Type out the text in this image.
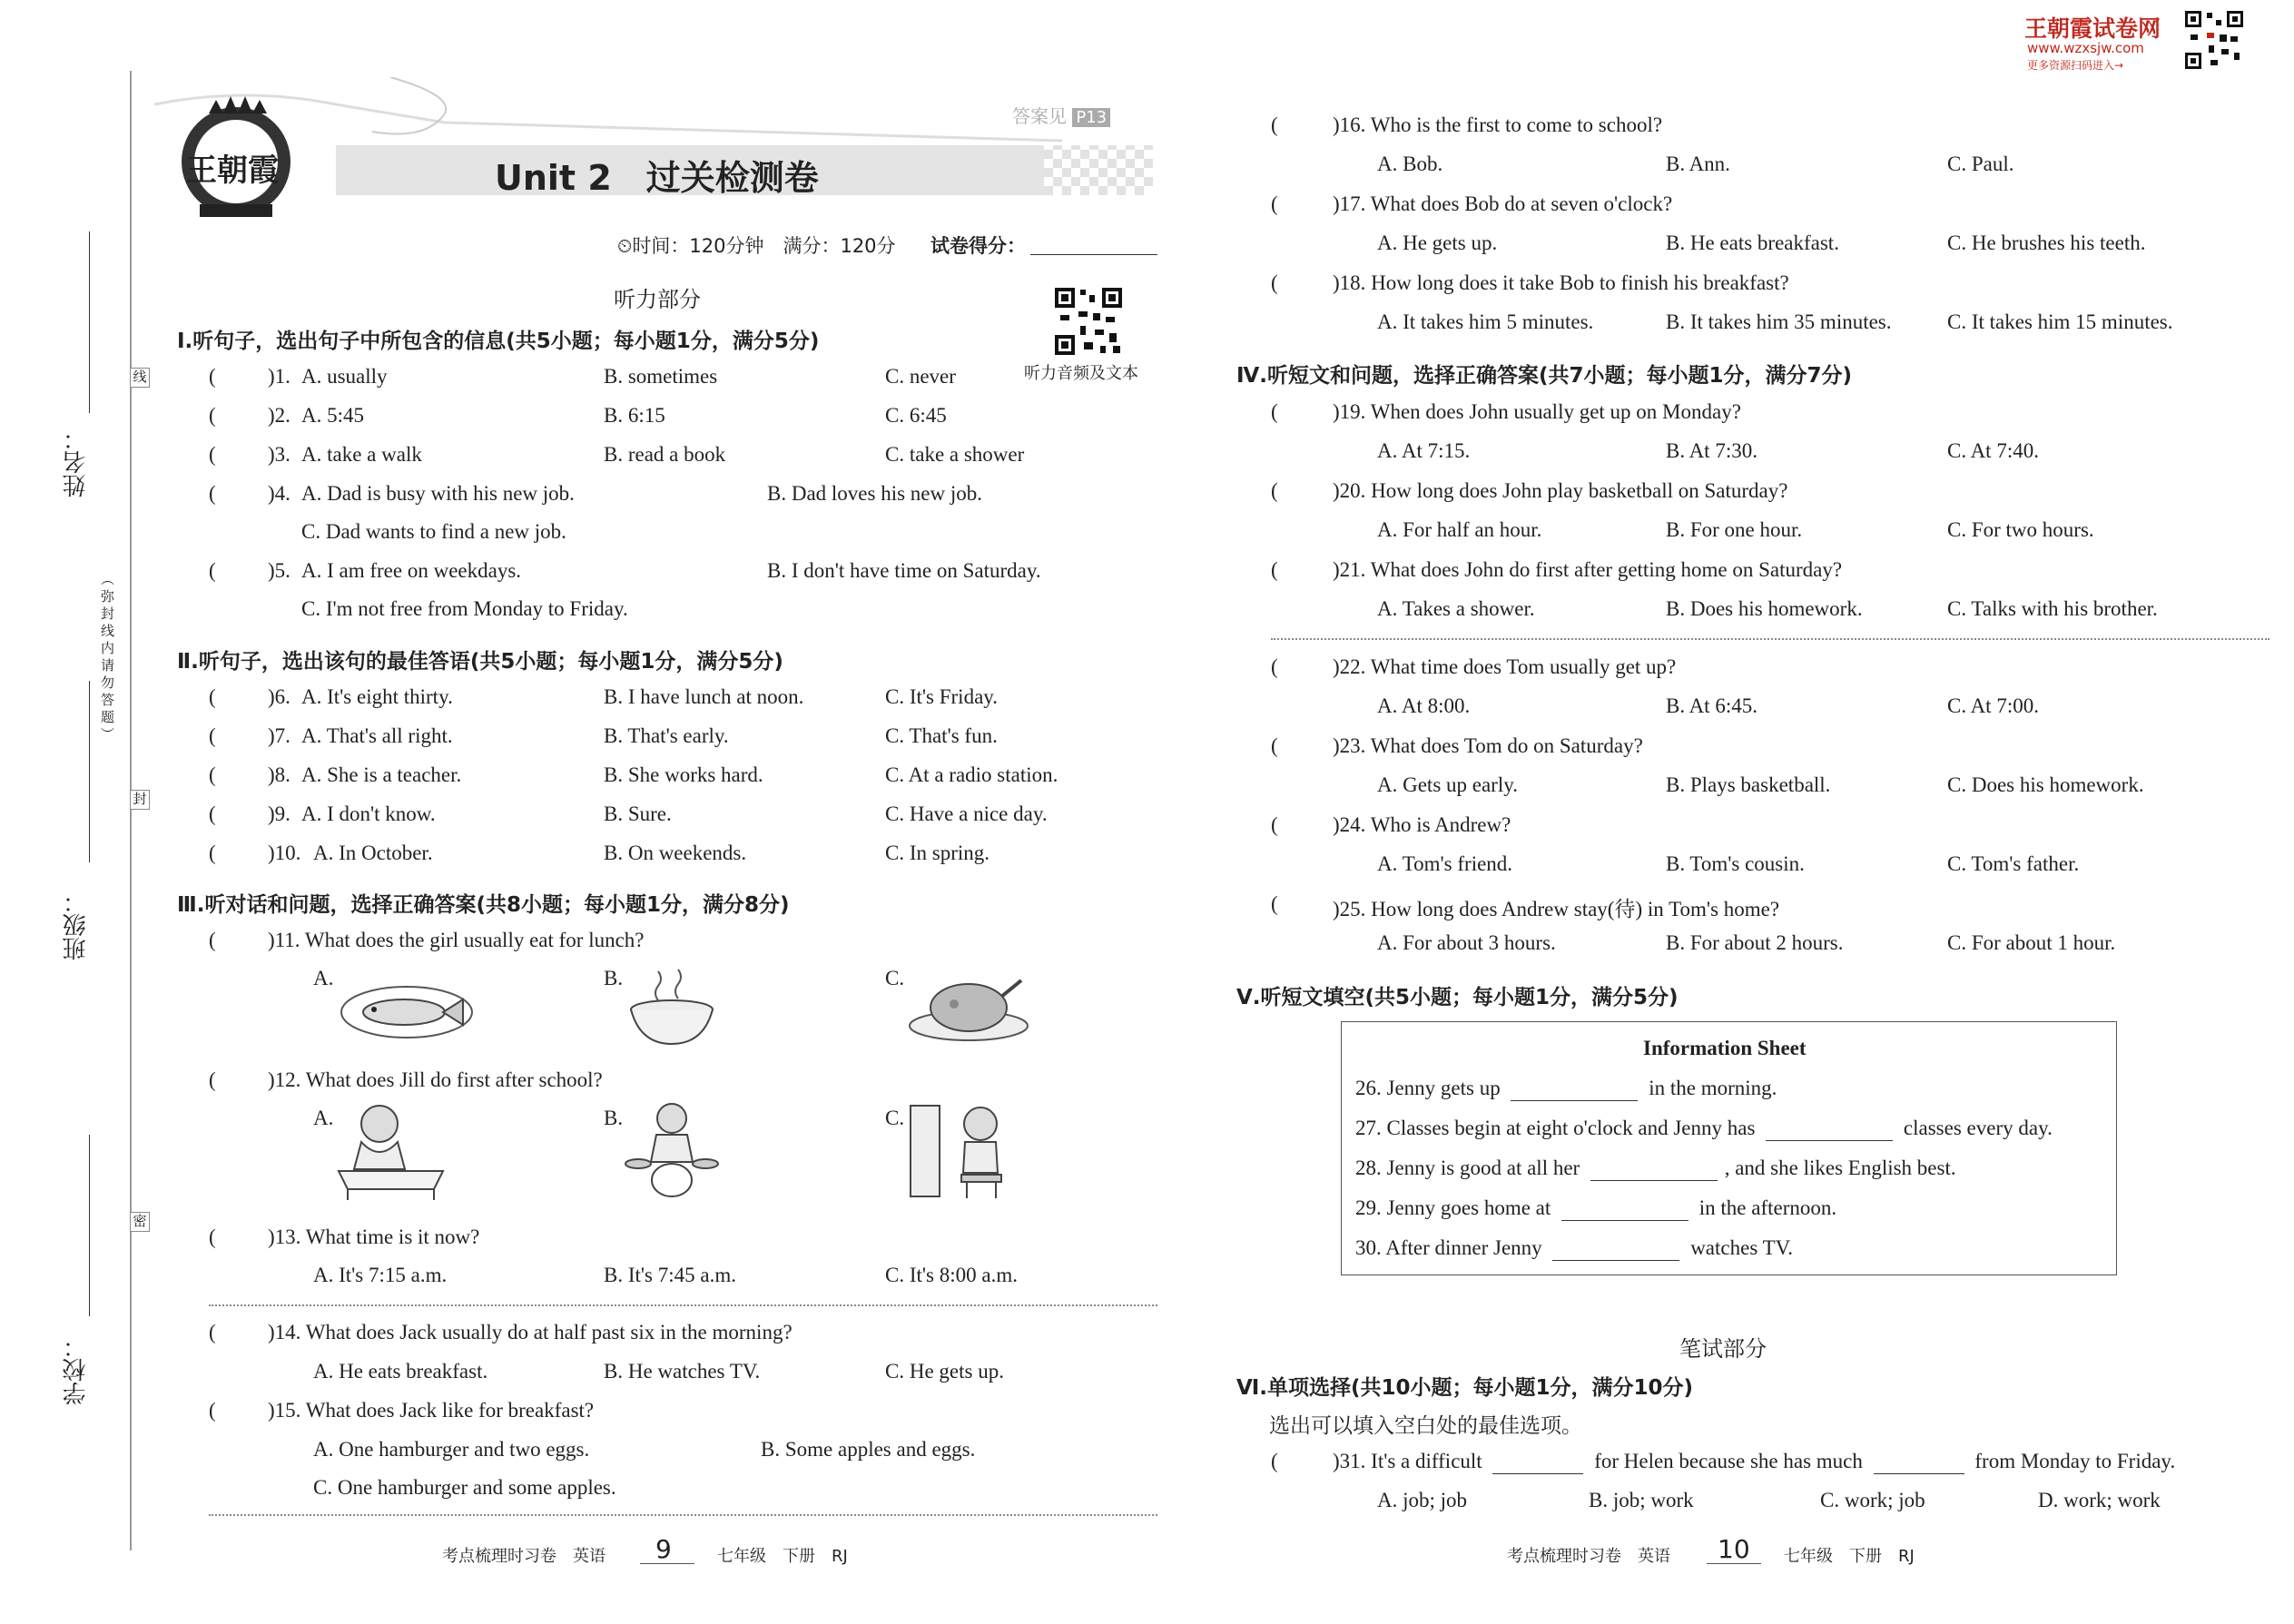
线
封
密
姓名：
（弥封线内请勿答题）
班级：
学校：
王朝霞
答案见 P13
Unit 2　过关检测卷
⏲时间：120分钟　满分：120分 试卷得分：
听力部分
听力音频及文本
Ⅰ.听句子，选出句子中所包含的信息(共5小题；每小题1分，满分5分)
( )1. A. usually	B. sometimes	C. never
( )2. A. 5:45	B. 6:15	C. 6:45
( )3. A. take a walk	B. read a book	C. take a shower
( )4. A. Dad is busy with his new job.	B. Dad loves his new job.
C. Dad wants to find a new job.
( )5. A. I am free on weekdays.	B. I don't have time on Saturday.
C. I'm not free from Monday to Friday.
Ⅱ.听句子，选出该句的最佳答语(共5小题；每小题1分，满分5分)
( )6. A. It's eight thirty.	B. I have lunch at noon.	C. It's Friday.
( )7. A. That's all right.	B. That's early.	C. That's fun.
( )8. A. She is a teacher.	B. She works hard.	C. At a radio station.
( )9. A. I don't know.	B. Sure.	C. Have a nice day.
( )10. A. In October.	B. On weekends.	C. In spring.
Ⅲ.听对话和问题，选择正确答案(共8小题；每小题1分，满分8分)
( )11. What does the girl usually eat for lunch?
A.	B.	C.
( )12. What does Jill do first after school?
A.	B.	C.
( )13. What time is it now?
A. It's 7:15 a.m.	B. It's 7:45 a.m.	C. It's 8:00 a.m.
( )14. What does Jack usually do at half past six in the morning?
A. He eats breakfast.	B. He watches TV.	C. He gets up.
( )15. What does Jack like for breakfast?
A. One hamburger and two eggs.	B. Some apples and eggs.
C. One hamburger and some apples.
考点梳理时习卷　英语 9	七年级　下册　RJ
王朝霞试卷网
www.wzxsjw.com
更多资源扫码进入→
(	)16. Who is the first to come to school?
A. Bob.	B. Ann.	C. Paul.
(	)17. What does Bob do at seven o'clock?
A. He gets up.	B. He eats breakfast.	C. He brushes his teeth.
(	)18. How long does it take Bob to finish his breakfast?
A. It takes him 5 minutes.	B. It takes him 35 minutes.	C. It takes him 15 minutes.
Ⅳ.听短文和问题，选择正确答案(共7小题；每小题1分，满分7分)
(	)19. When does John usually get up on Monday?
A. At 7:15.	B. At 7:30.	C. At 7:40.
(	)20. How long does John play basketball on Saturday?
A. For half an hour.	B. For one hour.	C. For two hours.
(	)21. What does John do first after getting home on Saturday?
A. Takes a shower.	B. Does his homework.	C. Talks with his brother.
(	)22. What time does Tom usually get up?
A. At 8:00.	B. At 6:45.	C. At 7:00.
(	)23. What does Tom do on Saturday?
A. Gets up early.	B. Plays basketball.	C. Does his homework.
(	)24. Who is Andrew?
A. Tom's friend.	B. Tom's cousin.	C. Tom's father.
(	)25. How long does Andrew stay(待) in Tom's home?
A. For about 3 hours.	B. For about 2 hours.	C. For about 1 hour.
Ⅴ.听短文填空(共5小题；每小题1分，满分5分)
Information Sheet
26. Jenny gets up	in the morning.
27. Classes begin at eight o'clock and Jenny has	classes every day.
28. Jenny is good at all her	, and she likes English best.
29. Jenny goes home at	in the afternoon.
30. After dinner Jenny	watches TV.
笔试部分
Ⅵ.单项选择(共10小题；每小题1分，满分10分)
选出可以填入空白处的最佳选项。
(	)31. It's a difficult	for Helen because she has much	from Monday to Friday.
A. job; job	B. job; work	C. work; job	D. work; work
考点梳理时习卷　英语 10 七年级　下册　RJ
